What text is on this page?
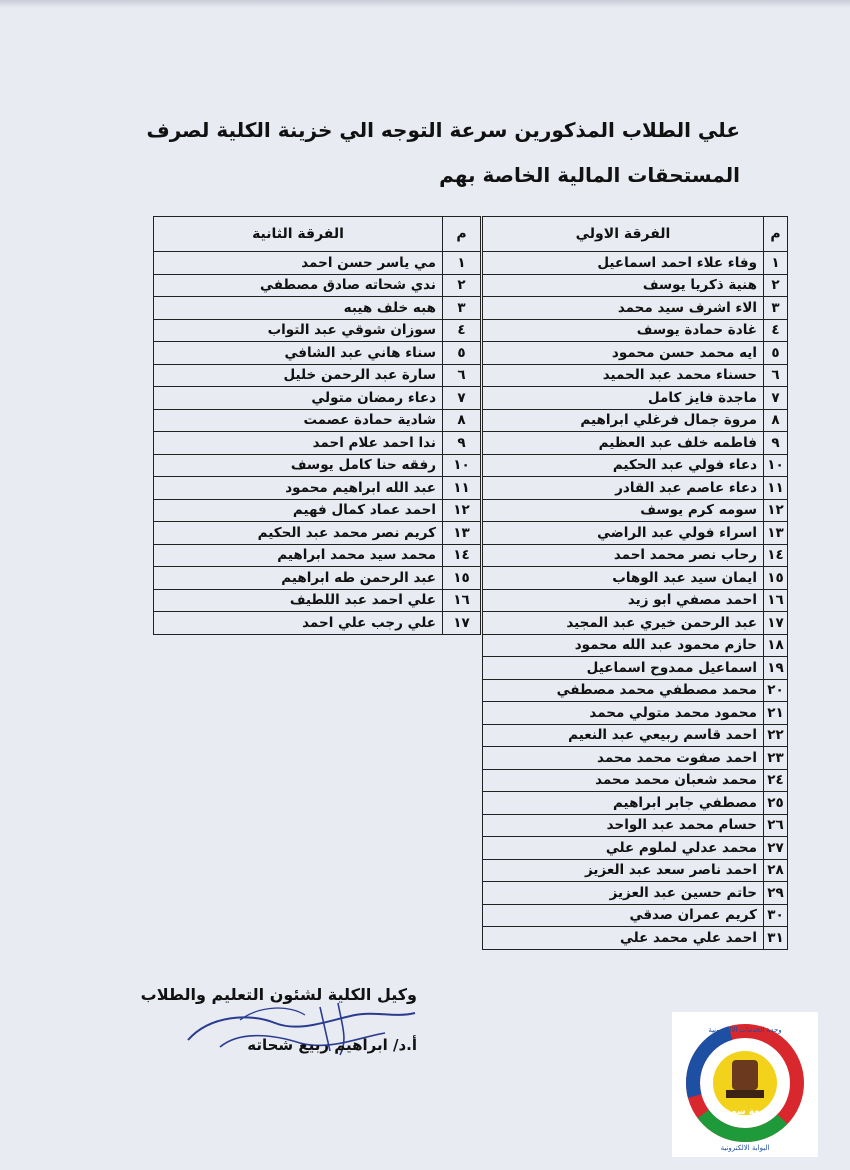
علي الطلاب المذكورين سرعة التوجه الي خزينة الكلية لصرف
المستحقات المالية الخاصة بهم
م	الفرقة الاولي
١	وفاء علاء احمد اسماعيل
٢	هنية ذكريا يوسف
٣	الاء اشرف سيد محمد
٤	غادة حمادة يوسف
٥	ايه محمد حسن محمود
٦	حسناء محمد عبد الحميد
٧	ماجدة فايز كامل
٨	مروة جمال فرغلي ابراهيم
٩	فاطمه خلف عبد العظيم
١٠	دعاء فولي عبد الحكيم
١١	دعاء عاصم عبد القادر
١٢	سومه كرم يوسف
١٣	اسراء فولي عبد الراضي
١٤	رحاب نصر محمد احمد
١٥	ايمان سيد عبد الوهاب
١٦	احمد مصفي ابو زيد
١٧	عبد الرحمن خيري عبد المجيد
١٨	حازم محمود عبد الله محمود
١٩	اسماعيل ممدوح اسماعيل
٢٠	محمد مصطفي محمد مصطفي
٢١	محمود محمد متولي محمد
٢٢	احمد قاسم ربيعي عبد النعيم
٢٣	احمد صفوت محمد محمد
٢٤	محمد شعبان محمد محمد
٢٥	مصطفي جابر ابراهيم
٢٦	حسام محمد عبد الواحد
٢٧	محمد عدلي لملوم علي
٢٨	احمد ناصر سعد عبد العزيز
٢٩	حاتم حسين عبد العزيز
٣٠	كريم عمران صدقي
٣١	احمد علي محمد علي
م	الفرقة الثانية
١	مي ياسر حسن احمد
٢	ندي شحاته صادق مصطفي
٣	هبه خلف هيبه
٤	سوزان شوقي عبد التواب
٥	سناء هاني عبد الشافي
٦	سارة عبد الرحمن خليل
٧	دعاء رمضان متولي
٨	شادية حمادة عصمت
٩	ندا احمد علام احمد
١٠	رفقه حنا كامل يوسف
١١	عبد الله ابراهيم محمود
١٢	احمد عماد كمال فهيم
١٣	كريم نصر محمد عبد الحكيم
١٤	محمد سيد محمد ابراهيم
١٥	عبد الرحمن طه ابراهيم
١٦	علي احمد عبد اللطيف
١٧	علي رجب علي احمد

وكيل الكلية لشئون التعليم والطلاب

أ.د/ ابراهيم ربيع شحاته

جامعة سوهاج
وحدة الخدمات الالكترونية
البوابة الالكترونية
